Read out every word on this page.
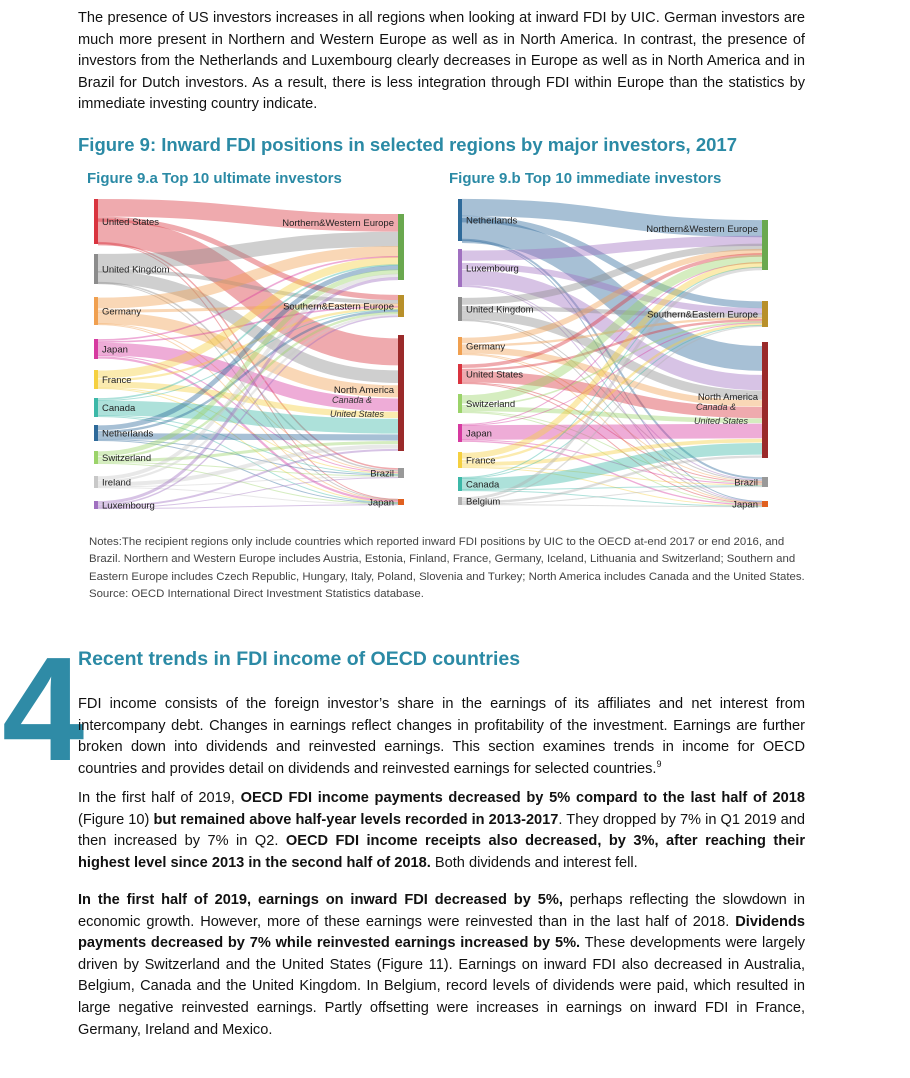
The presence of US investors increases in all regions when looking at inward FDI by UIC. German investors are much more present in Northern and Western Europe as well as in North America. In contrast, the presence of investors from the Netherlands and Luxembourg clearly decreases in Europe as well as in North America and in Brazil for Dutch investors. As a result, there is less integration through FDI within Europe than the statistics by immediate investing country indicate.

Figure 9: Inward FDI positions in selected regions by major investors, 2017
Figure 9.a Top 10 ultimate investors	Figure 9.b Top 10 immediate investors
United States
United Kingdom
Germany
Japan
France
Canada
Netherlands
Switzerland
Ireland
Luxembourg
Northern&Western Europe
Southern&Eastern Europe
North America
Canada &
United States
Brazil
Japan
Netherlands
Luxembourg
United Kingdom
Germany
United States
Switzerland
Japan
France
Canada
Belgium
Northern&Western Europe
Southern&Eastern Europe
North America
Canada &
United States
Brazil
Japan
Notes:The recipient regions only include countries which reported inward FDI positions by UIC to the OECD at-end 2017 or end 2016, and Brazil. Northern and Western Europe includes Austria, Estonia, Finland, France, Germany, Iceland, Lithuania and Switzerland; Southern and Eastern Europe includes Czech Republic, Hungary, Italy, Poland, Slovenia and Turkey; North America includes Canada and the United States.
Source: OECD International Direct Investment Statistics database.
4
Recent trends in FDI income of OECD countries

FDI income consists of the foreign investor’s share in the earnings of its affiliates and net interest from intercompany debt. Changes in earnings reflect changes in profitability of the investment. Earnings are further broken down into dividends and reinvested earnings. This section examines trends in income for OECD countries and provides detail on dividends and reinvested earnings for selected countries.$^9$

In the first half of 2019, OECD FDI income payments decreased by 5% compard to the last half of 2018 (Figure 10) but remained above half-year levels recorded in 2013-2017. They dropped by 7% in Q1 2019 and then increased by 7% in Q2. OECD FDI income receipts also decreased, by 3%, after reaching their highest level since 2013 in the second half of 2018. Both dividends and interest fell.

In the first half of 2019, earnings on inward FDI decreased by 5%, perhaps reflecting the slowdown in economic growth. However, more of these earnings were reinvested than in the last half of 2018. Dividends payments decreased by 7% while reinvested earnings increased by 5%. These developments were largely driven by Switzerland and the United States (Figure 11). Earnings on inward FDI also decreased in Australia, Belgium, Canada and the United Kingdom. In Belgium, record levels of dividends were paid, which resulted in large negative reinvested earnings. Partly offsetting were increases in earnings on inward FDI in France, Germany, Ireland and Mexico.
